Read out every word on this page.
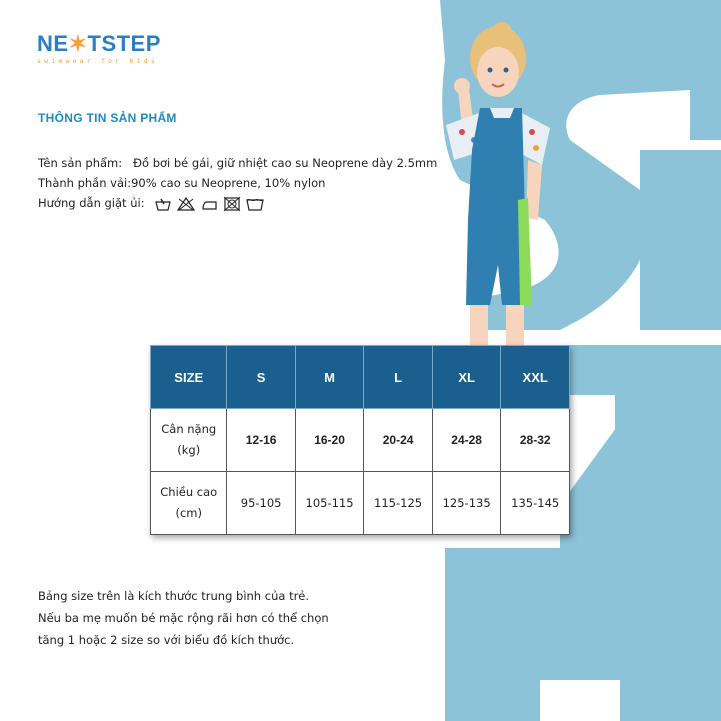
NE✶TSTEP
swimwear for kids
THÔNG TIN SẢN PHẨM
Tên sản phẩm: Đồ bơi bé gái, giữ nhiệt cao su Neoprene dày 2.5mm
Thành phần vải:90% cao su Neoprene, 10% nylon
Hướng dẫn giặt ủi:
SIZE	S	M	L	XL	XXL
Cân nặng
(kg)	12-16	16-20	20-24	24-28	28-32
Chiều cao
(cm)	95-105	105-115	115-125	125-135	135-145
Bảng size trên là kích thước trung bình của trẻ.
Nếu ba mẹ muốn bé mặc rộng rãi hơn có thể chọn
tăng 1 hoặc 2 size so với biểu đồ kích thước.
